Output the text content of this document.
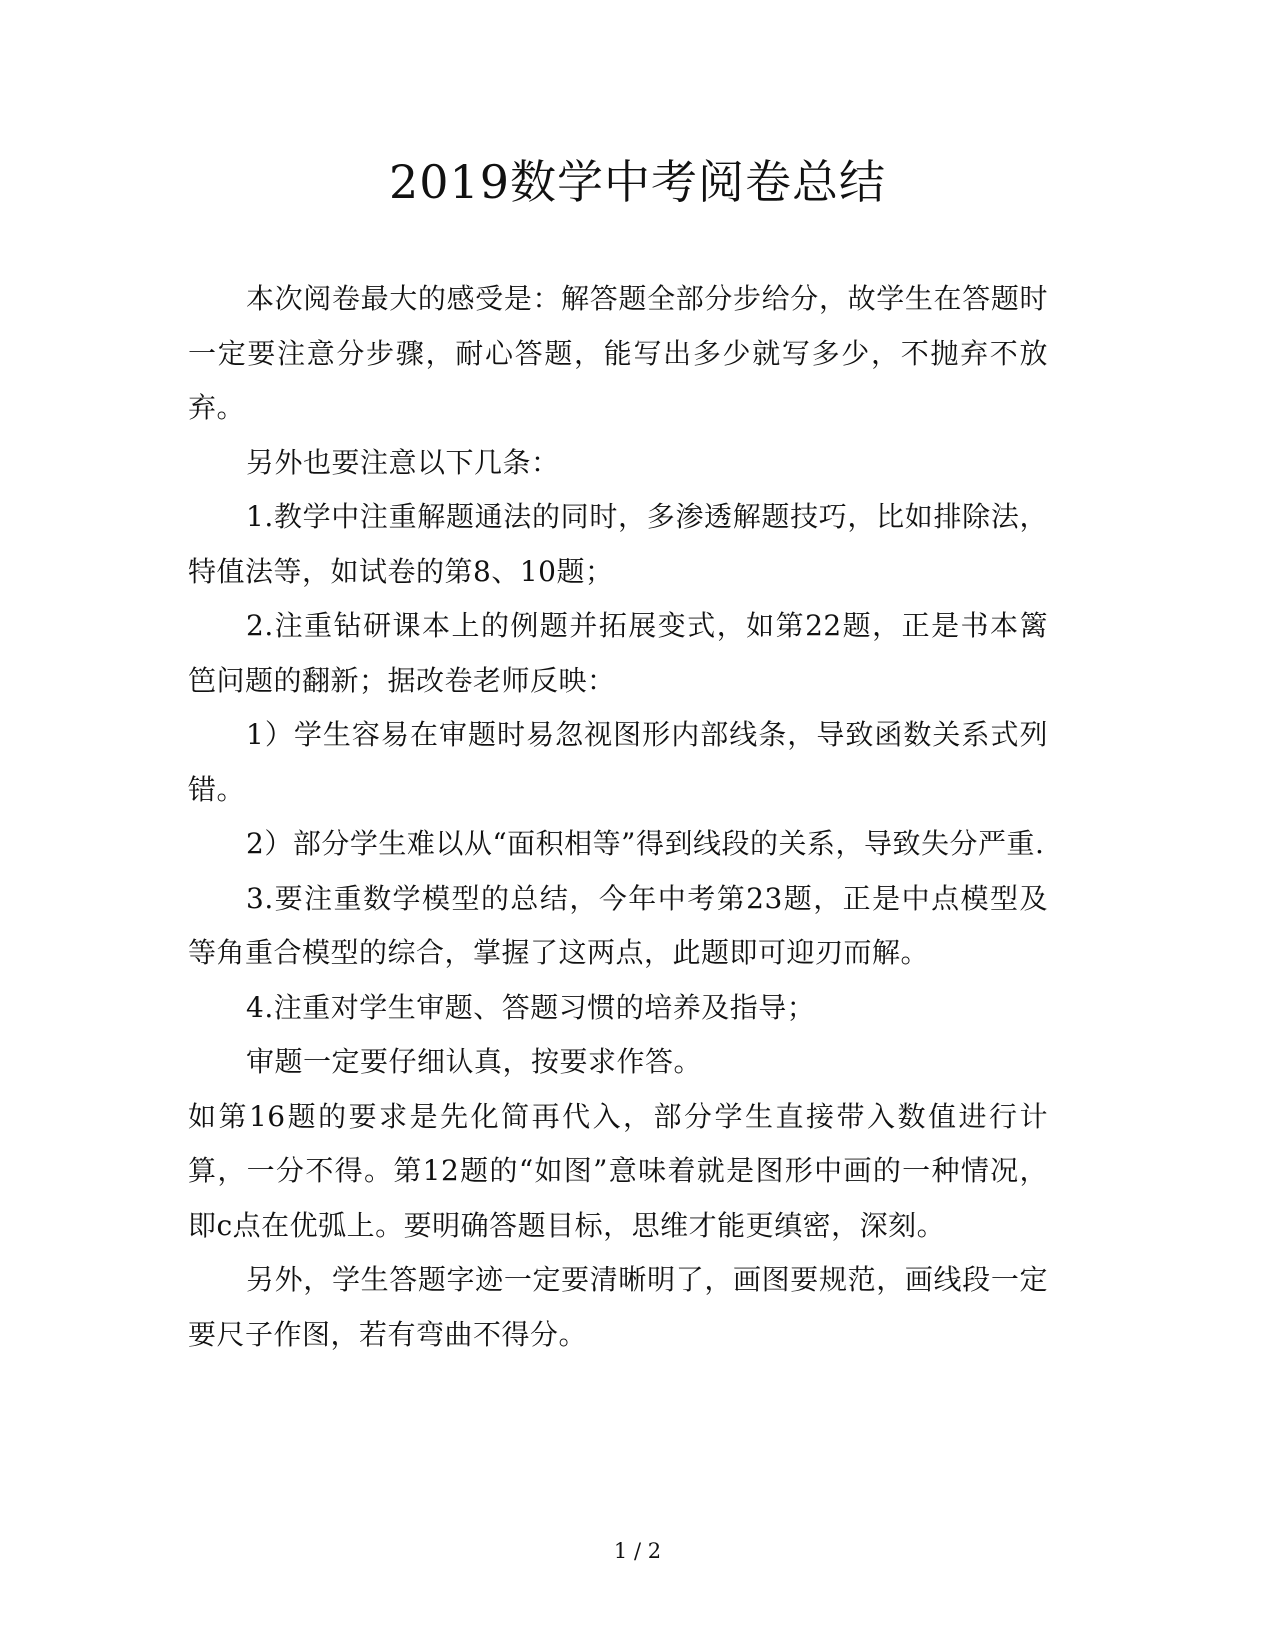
2019数学中考阅卷总结

本次阅卷最大的感受是：解答题全部分步给分，故学生在答题时一定要注意分步骤，耐心答题，能写出多少就写多少，不抛弃不放弃。

另外也要注意以下几条：

1.教学中注重解题通法的同时，多渗透解题技巧，比如排除法，特值法等，如试卷的第8、10题；

2.注重钻研课本上的例题并拓展变式，如第22题，正是书本篱笆问题的翻新；据改卷老师反映：

1）学生容易在审题时易忽视图形内部线条，导致函数关系式列错。

2）部分学生难以从“面积相等”得到线段的关系，导致失分严重.

3.要注重数学模型的总结，今年中考第23题，正是中点模型及等角重合模型的综合，掌握了这两点，此题即可迎刃而解。

4.注重对学生审题、答题习惯的培养及指导；

审题一定要仔细认真，按要求作答。

如第16题的要求是先化简再代入，部分学生直接带入数值进行计算，一分不得。第12题的“如图”意味着就是图形中画的一种情况，即c点在优弧上。要明确答题目标，思维才能更缜密，深刻。

另外，学生答题字迹一定要清晰明了，画图要规范，画线段一定要尺子作图，若有弯曲不得分。

1 / 2
